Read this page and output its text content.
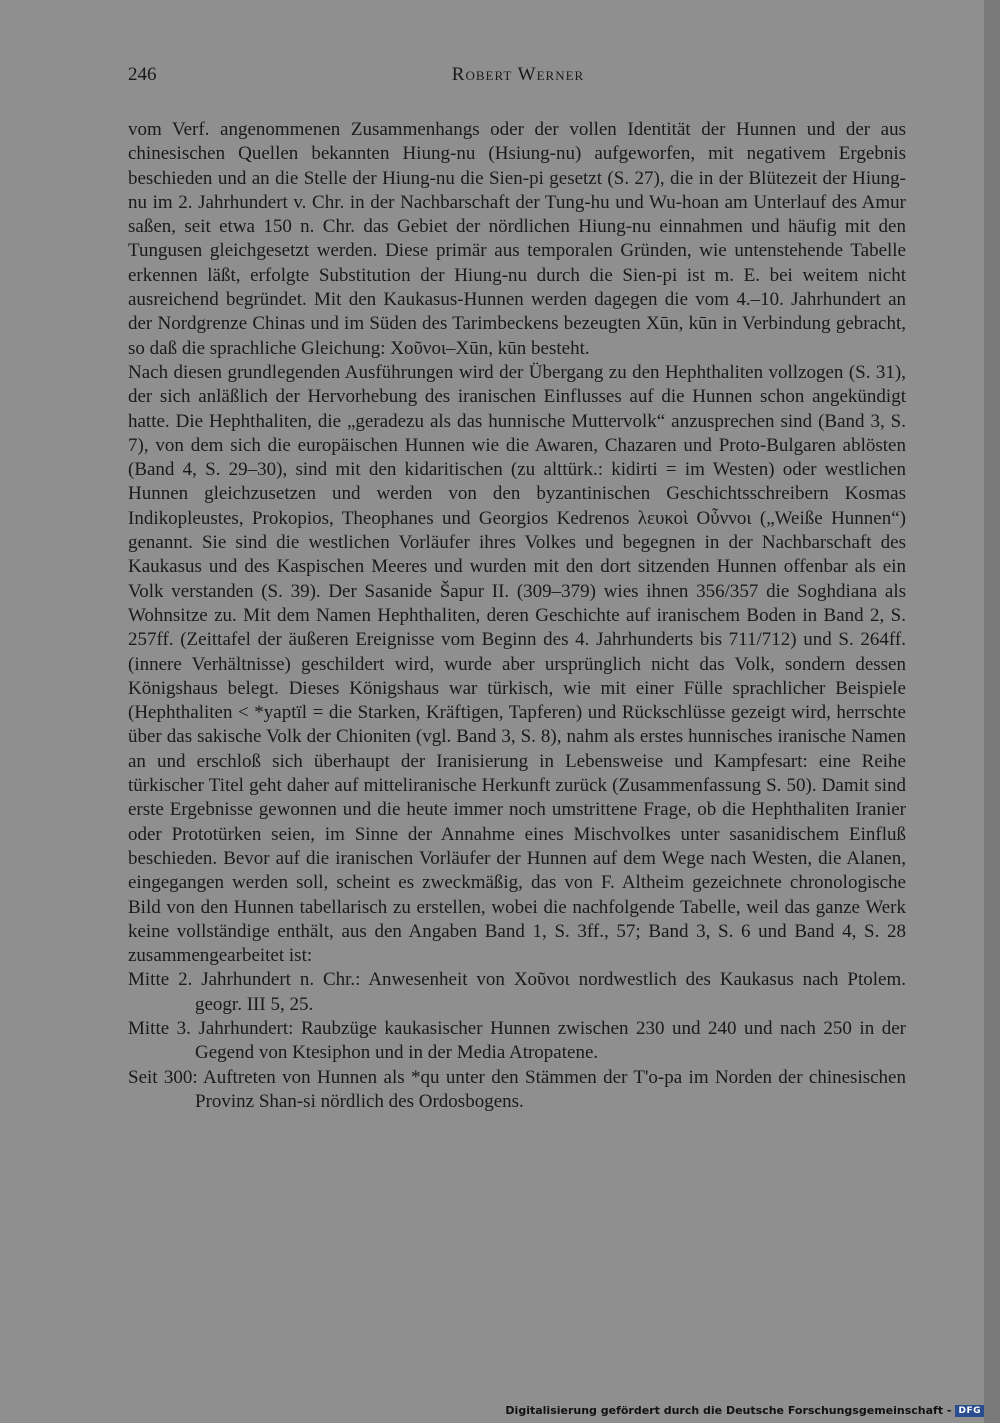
246	Robert Werner

vom Verf. angenommenen Zusammenhangs oder der vollen Identität der Hunnen und der aus chinesischen Quellen bekannten Hiung-nu (Hsiung-nu) aufgeworfen, mit negativem Ergebnis beschieden und an die Stelle der Hiung-nu die Sien-pi gesetzt (S. 27), die in der Blütezeit der Hiung-nu im 2. Jahrhundert v. Chr. in der Nachbarschaft der Tung-hu und Wu-hoan am Unterlauf des Amur saßen, seit etwa 150 n. Chr. das Gebiet der nördlichen Hiung-nu einnahmen und häufig mit den Tungusen gleichgesetzt werden. Diese primär aus temporalen Gründen, wie untenstehende Tabelle erkennen läßt, erfolgte Substitution der Hiung-nu durch die Sien-pi ist m. E. bei weitem nicht ausreichend begründet. Mit den Kaukasus-Hunnen werden dagegen die vom 4.–10. Jahrhundert an der Nordgrenze Chinas und im Süden des Tarimbeckens bezeugten Xūn, kūn in Verbindung gebracht, so daß die sprachliche Gleichung: Χοῦνοι–Xūn, kūn besteht.

Nach diesen grundlegenden Ausführungen wird der Übergang zu den Hephthaliten vollzogen (S. 31), der sich anläßlich der Hervorhebung des iranischen Einflusses auf die Hunnen schon angekündigt hatte. Die Hephthaliten, die „geradezu als das hunnische Muttervolk“ anzusprechen sind (Band 3, S. 7), von dem sich die europäischen Hunnen wie die Awaren, Chazaren und Proto-Bulgaren ablösten (Band 4, S. 29–30), sind mit den kidaritischen (zu alttürk.: kidirti = im Westen) oder westlichen Hunnen gleichzusetzen und werden von den byzantinischen Geschichtsschreibern Kosmas Indikopleustes, Prokopios, Theophanes und Georgios Kedrenos λευκοὶ Οὖννοι („Weiße Hunnen“) genannt. Sie sind die westlichen Vorläufer ihres Volkes und begegnen in der Nachbarschaft des Kaukasus und des Kaspischen Meeres und wurden mit den dort sitzenden Hunnen offenbar als ein Volk verstanden (S. 39). Der Sasanide Šapur II. (309–379) wies ihnen 356/357 die Soghdiana als Wohnsitze zu. Mit dem Namen Hephthaliten, deren Geschichte auf iranischem Boden in Band 2, S. 257ff. (Zeittafel der äußeren Ereignisse vom Beginn des 4. Jahrhunderts bis 711/712) und S. 264ff. (innere Verhältnisse) geschildert wird, wurde aber ursprünglich nicht das Volk, sondern dessen Königshaus belegt. Dieses Königshaus war türkisch, wie mit einer Fülle sprachlicher Beispiele (Hephthaliten < *yaptïl = die Starken, Kräftigen, Tapferen) und Rückschlüsse gezeigt wird, herrschte über das sakische Volk der Chioniten (vgl. Band 3, S. 8), nahm als erstes hunnisches iranische Namen an und erschloß sich überhaupt der Iranisierung in Lebensweise und Kampfesart: eine Reihe türkischer Titel geht daher auf mitteliranische Herkunft zurück (Zusammenfassung S. 50). Damit sind erste Ergebnisse gewonnen und die heute immer noch umstrittene Frage, ob die Hephthaliten Iranier oder Prototürken seien, im Sinne der Annahme eines Mischvolkes unter sasanidischem Einfluß beschieden. Bevor auf die iranischen Vorläufer der Hunnen auf dem Wege nach Westen, die Alanen, eingegangen werden soll, scheint es zweckmäßig, das von F. Altheim gezeichnete chronologische Bild von den Hunnen tabellarisch zu erstellen, wobei die nachfolgende Tabelle, weil das ganze Werk keine vollständige enthält, aus den Angaben Band 1, S. 3ff., 57; Band 3, S. 6 und Band 4, S. 28 zusammengearbeitet ist:

Mitte 2. Jahrhundert n. Chr.: Anwesenheit von Χοῦνοι nordwestlich des Kaukasus nach Ptolem. geogr. III 5, 25.

Mitte 3. Jahrhundert: Raubzüge kaukasischer Hunnen zwischen 230 und 240 und nach 250 in der Gegend von Ktesiphon und in der Media Atropatene.

Seit 300: Auftreten von Hunnen als *qu unter den Stämmen der T'o-pa im Norden der chinesischen Provinz Shan-si nördlich des Ordosbogens.

Digitalisierung gefördert durch die Deutsche Forschungsgemeinschaft - DFG
